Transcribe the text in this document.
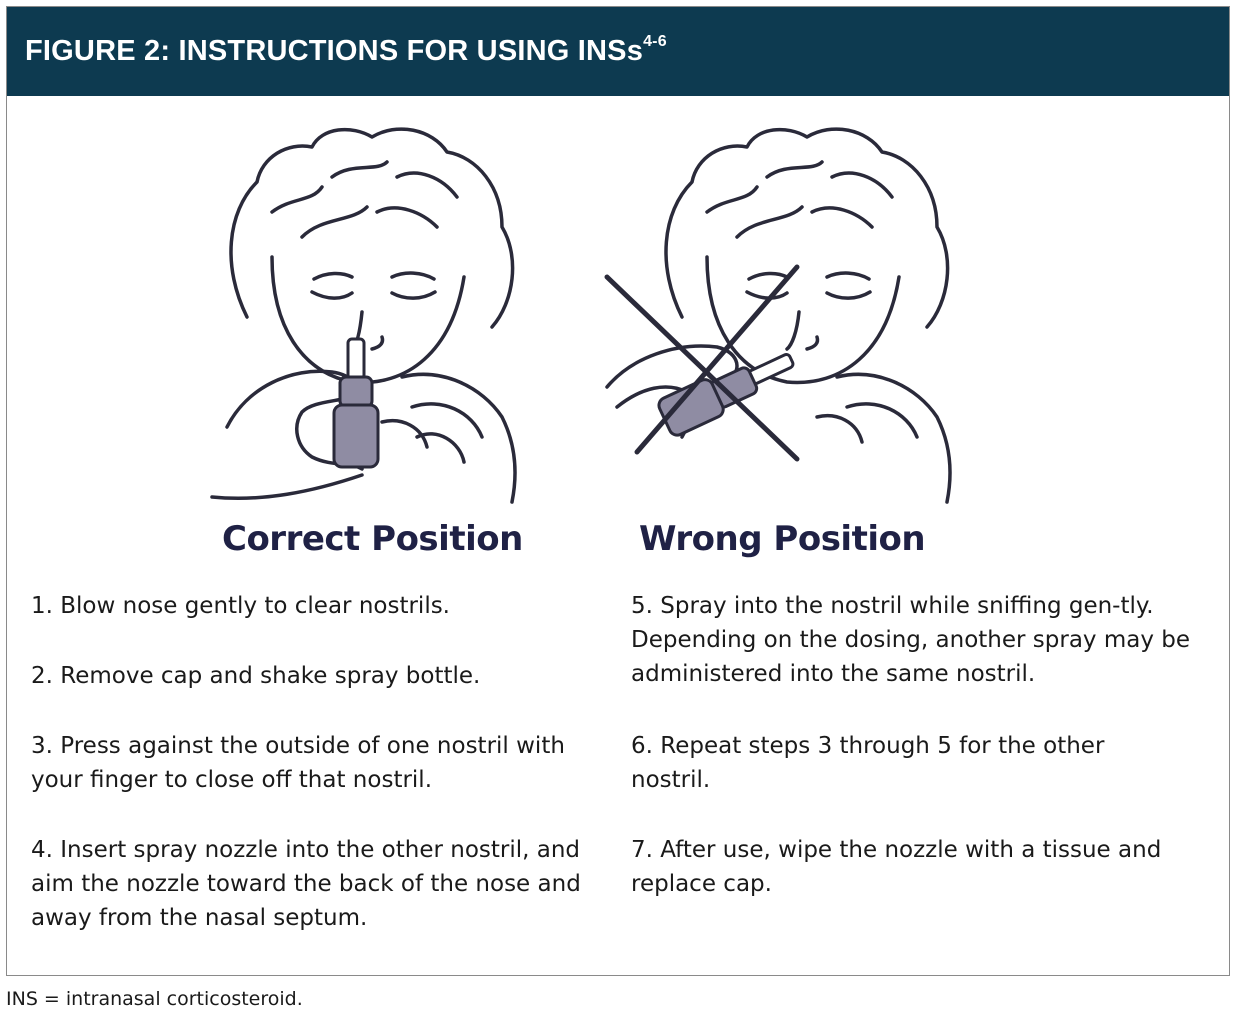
FIGURE 2: INSTRUCTIONS FOR USING INSs$^{4-6}$
Correct Position	Wrong Position
1. Blow nose gently to clear nostrils.
2. Remove cap and shake spray bottle.
3. Press against the outside of one nostril with your finger to close off that nostril.
4. Insert spray nozzle into the other nostril, and aim the nozzle toward the back of the nose and away from the nasal septum.
5. Spray into the nostril while sniffing gen-tly. Depending on the dosing, another spray may be administered into the same nostril.
6. Repeat steps 3 through 5 for the other nostril.
7. After use, wipe the nozzle with a tissue and replace cap.
INS = intranasal corticosteroid.
